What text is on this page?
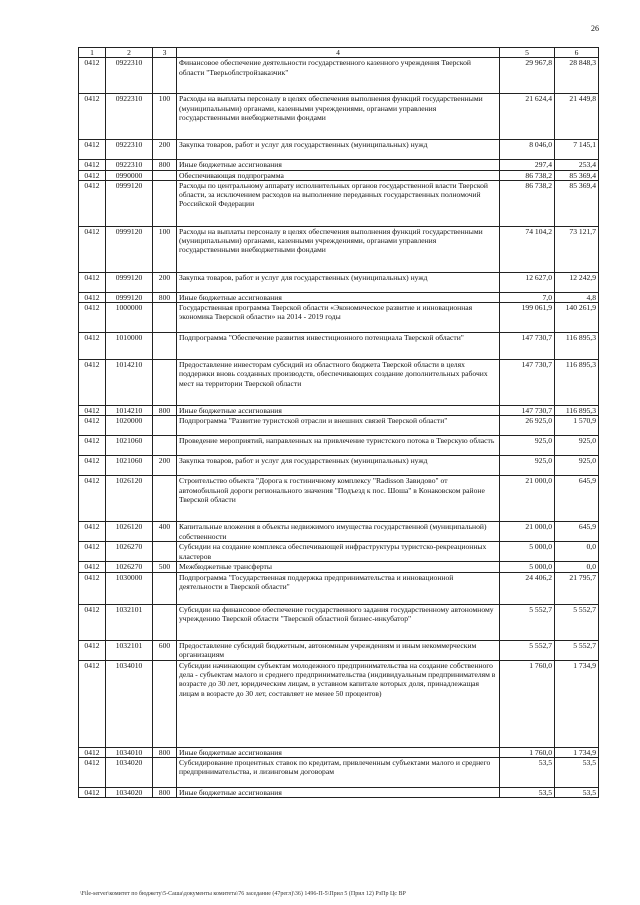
26
1	2	3	4	5	6
0412	0922310		Финансовое обеспечение деятельности государственного казенного учреждения Тверской области "Тверьоблстройзаказчик"	29 967,8	28 848,3
0412	0922310	100	Расходы на выплаты персоналу в целях обеспечения выполнения функций государственными (муниципальными) органами, казенными учреждениями, органами управления государственными внебюджетными фондами	21 624,4	21 449,8
0412	0922310	200	Закупка товаров, работ и услуг для государственных (муниципальных) нужд	8 046,0	7 145,1
0412	0922310	800	Иные бюджетные ассигнования	297,4	253,4
0412	0990000		Обеспечивающая подпрограмма	86 738,2	85 369,4
0412	0999120		Расходы по центральному аппарату исполнительных органов государственной власти Тверской области, за исключением расходов на выполнение переданных государственных полномочий Российской Федерации	86 738,2	85 369,4
0412	0999120	100	Расходы на выплаты персоналу в целях обеспечения выполнения функций государственными (муниципальными) органами, казенными учреждениями, органами управления государственными внебюджетными фондами	74 104,2	73 121,7
0412	0999120	200	Закупка товаров, работ и услуг для государственных (муниципальных) нужд	12 627,0	12 242,9
0412	0999120	800	Иные бюджетные ассигнования	7,0	4,8
0412	1000000		Государственная программа Тверской области «Экономическое развитие и инновационная экономика Тверской области» на 2014 - 2019 годы	199 061,9	140 261,9
0412	1010000		Подпрограмма "Обеспечение развития инвестиционного потенциала Тверской области"	147 730,7	116 895,3
0412	1014210		Предоставление инвесторам субсидий из областного бюджета Тверской области в целях поддержки вновь созданных производств, обеспечивающих создание дополнительных рабочих мест на территории Тверской области	147 730,7	116 895,3
0412	1014210	800	Иные бюджетные ассигнования	147 730,7	116 895,3
0412	1020000		Подпрограмма "Развитие туристской отрасли и внешних связей Тверской области"	26 925,0	1 570,9
0412	1021060		Проведение мероприятий, направленных на привлечение туристского потока в Тверскую область	925,0	925,0
0412	1021060	200	Закупка товаров, работ и услуг для государственных (муниципальных) нужд	925,0	925,0
0412	1026120		Строительство объекта "Дорога к гостиничному комплексу "Radisson Завидово" от автомобильной дороги регионального значения "Подъезд к пос. Шоша" в Конаковском районе Тверской области	21 000,0	645,9
0412	1026120	400	Капитальные вложения в объекты недвижимого имущества государственной (муниципальной) собственности	21 000,0	645,9
0412	1026270		Субсидии на создание комплекса обеспечивающей инфраструктуры туристско-рекреационных кластеров	5 000,0	0,0
0412	1026270	500	Межбюджетные трансферты	5 000,0	0,0
0412	1030000		Подпрограмма "Государственная поддержка предпринимательства и инновационной деятельности в Тверской области"	24 406,2	21 795,7
0412	1032101		Субсидии на финансовое обеспечение государственного задания государственному автономному учреждению Тверской области "Тверской областной бизнес-инкубатор"	5 552,7	5 552,7
0412	1032101	600	Предоставление субсидий бюджетным, автономным учреждениям и иным некоммерческим организациям	5 552,7	5 552,7
0412	1034010		Субсидии начинающим субъектам молодежного предпринимательства на создание собственного дела - субъектам малого и среднего предпринимательства (индивидуальным предпринимателям в возрасте до 30 лет, юридическим лицам, в уставном капитале которых доля, принадлежащая лицам в возрасте до 30 лет, составляет не менее 50 процентов)	1 760,0	1 734,9
0412	1034010	800	Иные бюджетные ассигнования	1 760,0	1 734,9
0412	1034020		Субсидирование процентных ставок по кредитам, привлеченным субъектами малого и среднего предпринимательства, и лизинговым договорам	53,5	53,5
0412	1034020	800	Иные бюджетные ассигнования	53,5	53,5
\File-server\комитет по бюджету\5-Саша\документы комитета\76 заседание (47регл)\36) 1496-П-5\Прил 5 (Прил 12) РзПр Цс ВР
